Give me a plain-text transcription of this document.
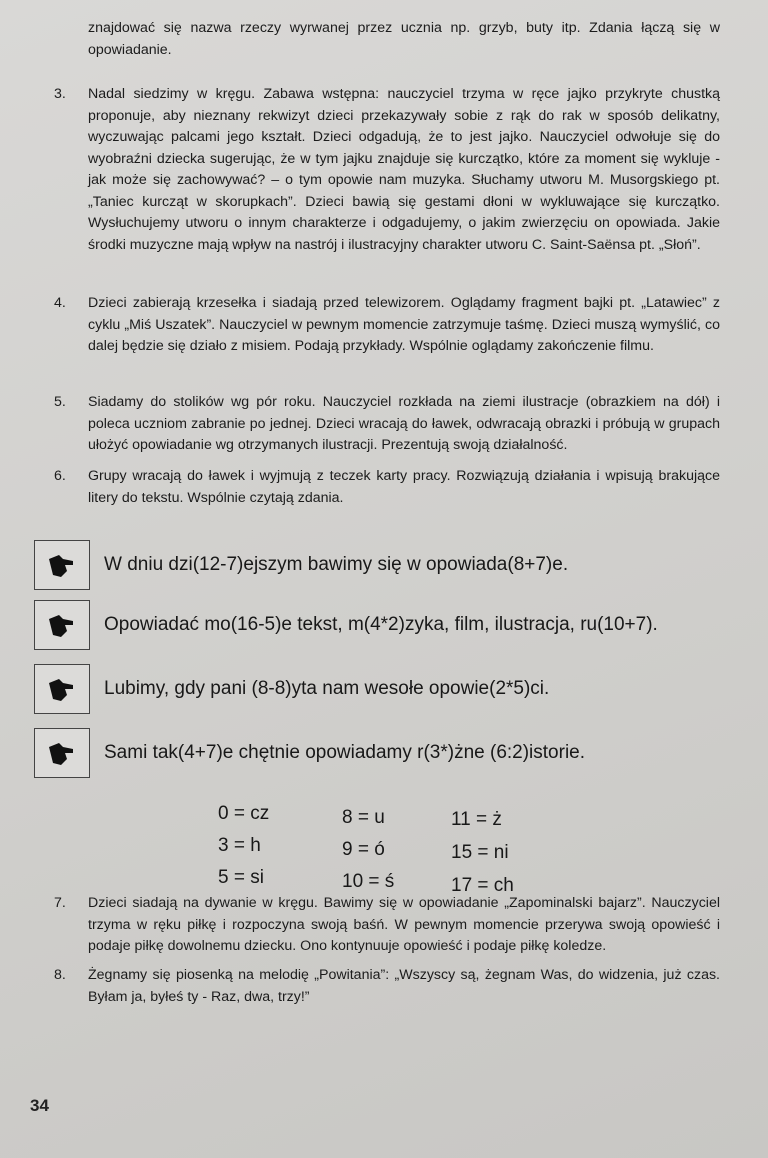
znajdować się nazwa rzeczy wyrwanej przez ucznia np. grzyb, buty itp. Zdania łączą się w opowiadanie.
3.	Nadal siedzimy w kręgu. Zabawa wstępna: nauczyciel trzyma w ręce jajko przykryte chustką proponuje, aby nieznany rekwizyt dzieci przekazywały sobie z rąk do rak w sposób delikatny, wyczuwając palcami jego kształt. Dzieci odgadują, że to jest jajko. Nauczyciel odwołuje się do wyobraźni dziecka sugerując, że w tym jajku znajduje się kurczątko, które za moment się wykluje - jak może się zachowywać? – o tym opowie nam muzyka. Słuchamy utworu M. Musorgskiego pt. „Taniec kurcząt w skorupkach”. Dzieci bawią się gestami dłoni w wykluwające się kurczątko. Wysłuchujemy utworu o innym charakterze i odgadujemy, o jakim zwierzęciu on opowiada. Jakie środki muzyczne mają wpływ na nastrój i ilustracyjny charakter utworu C. Saint-Saënsa pt. „Słoń”.
4.	Dzieci zabierają krzesełka i siadają przed telewizorem. Oglądamy fragment bajki pt. „Latawiec” z cyklu „Miś Uszatek”. Nauczyciel w pewnym momencie zatrzymuje taśmę. Dzieci muszą wymyślić, co dalej będzie się działo z misiem. Podają przykłady. Wspólnie oglądamy zakończenie filmu.
5.	Siadamy do stolików wg pór roku. Nauczyciel rozkłada na ziemi ilustracje (obrazkiem na dół) i poleca uczniom zabranie po jednej. Dzieci wracają do ławek, odwracają obrazki i próbują w grupach ułożyć opowiadanie wg otrzymanych ilustracji. Prezentują swoją działalność.
6.	Grupy wracają do ławek i wyjmują z teczek karty pracy. Rozwiązują działania i wpisują brakujące litery do tekstu. Wspólnie czytają zdania.
W dniu dzi(12-7)ejszym bawimy się w opowiada(8+7)e.
Opowiadać mo(16-5)e tekst, m(4*2)zyka, film, ilustracja, ru(10+7).
Lubimy, gdy pani (8-8)yta nam wesołe opowie(2*5)ci.
Sami tak(4+7)e chętnie opowiadamy r(3*)żne (6:2)istorie.
0 = cz	8 = u	11 = ż
3 = h	9 = ó	15 = ni
5 = si	10 = ś	17 = ch
7.	Dzieci siadają na dywanie w kręgu. Bawimy się w opowiadanie „Zapominalski bajarz”. Nauczyciel trzyma w ręku piłkę i rozpoczyna swoją baśń. W pewnym momencie przerywa swoją opowieść i podaje piłkę dowolnemu dziecku. Ono kontynuuje opowieść i podaje piłkę koledze.
8.	Żegnamy się piosenką na melodię „Powitania”: „Wszyscy są, żegnam Was, do widzenia, już czas. Byłam ja, byłeś ty - Raz, dwa, trzy!”
34
